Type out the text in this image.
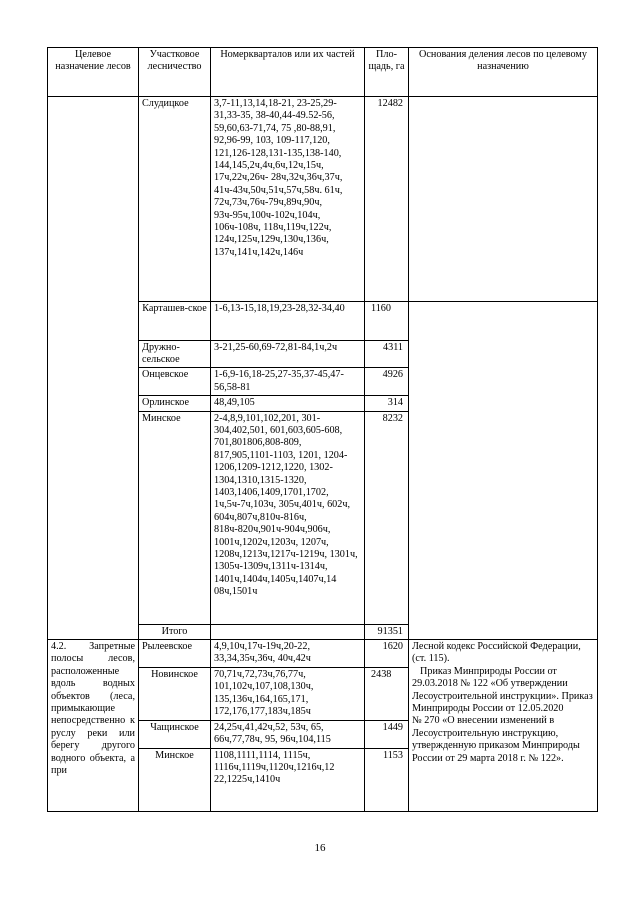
Целевое назначение лесов	Участковое лесничество	Номеркварталов или их частей	Пло-щадь, га	Основания деления лесов по целевому назначению
	Слудицкое	3,7-11,13,14,18-21, 23-25,29-31,33-35, 38-40,44-49.52-56, 59,60,63-71,74, 75 ,80-88,91, 92,96-99, 103, 109-117,120, 121,126-128,131-135,138-140, 144,145,2ч,4ч,6ч,12ч,15ч, 17ч,22ч,26ч- 28ч,32ч,36ч,37ч, 41ч-43ч,50ч,51ч,57ч,58ч. 61ч, 72ч,73ч,76ч-79ч,89ч,90ч, 93ч-95ч,100ч-102ч,104ч, 106ч-108ч, 118ч,119ч,122ч, 124ч,125ч,129ч,130ч,136ч, 137ч,141ч,142ч,146ч	12482	
	Карташев-ское	1-6,13-15,18,19,23-28,32-34,40	1160	
	Дружно-сельское	3-21,25-60,69-72,81-84,1ч,2ч	4311	
	Онцевское	1-6,9-16,18-25,27-35,37-45,47-56,58-81	4926	
	Орлинское	48,49,105	314	
	Минское	2-4,8,9,101,102,201, 301-304,402,501, 601,603,605-608, 701,801806,808-809, 817,905,1101-1103, 1201, 1204-1206,1209-1212,1220, 1302-1304,1310,1315-1320, 1403,1406,1409,1701,1702, 1ч,5ч-7ч,103ч, 305ч,401ч, 602ч, 604ч,807ч,810ч-816ч, 818ч-820ч,901ч-904ч,906ч, 1001ч,1202ч,1203ч, 1207ч, 1208ч,1213ч,1217ч-1219ч, 1301ч, 1305ч-1309ч,1311ч-1314ч, 1401ч,1404ч,1405ч,1407ч,14 08ч,1501ч	8232	
	Итого		91351	
4.2. Запретные полосы лесов, расположенные вдоль водных объектов (леса, примыкающие непосредственно к руслу реки или берегу другого водного объекта, а при	Рылеевское	4,9,10ч,17ч-19ч,20-22, 33,34,35ч,36ч, 40ч,42ч	1620	Лесной кодекс Российской Федерации, (ст. 115).

Приказ Минприроды России от 29.03.2018 № 122 «Об утверждении Лесоустроительной инструкции». Приказ Минприроды России от 12.05.2020

№ 270 «О внесении изменений в Лесоустроительную инструкцию, утвержденную приказом Минприроды России от 29 марта 2018 г. № 122».

	Новинское	70,71ч,72,73ч,76,77ч, 101,102ч,107,108,130ч, 135,136ч,164,165,171, 172,176,177,183ч,185ч	2438	
	Чащинское	24,25ч,41,42ч,52, 53ч, 65, 66ч,77,78ч, 95, 96ч,104,115	1449	
	Минское	1108,1111,1114, 1115ч, 1116ч,1119ч,1120ч,1216ч,12 22,1225ч,1410ч	1153	
16
